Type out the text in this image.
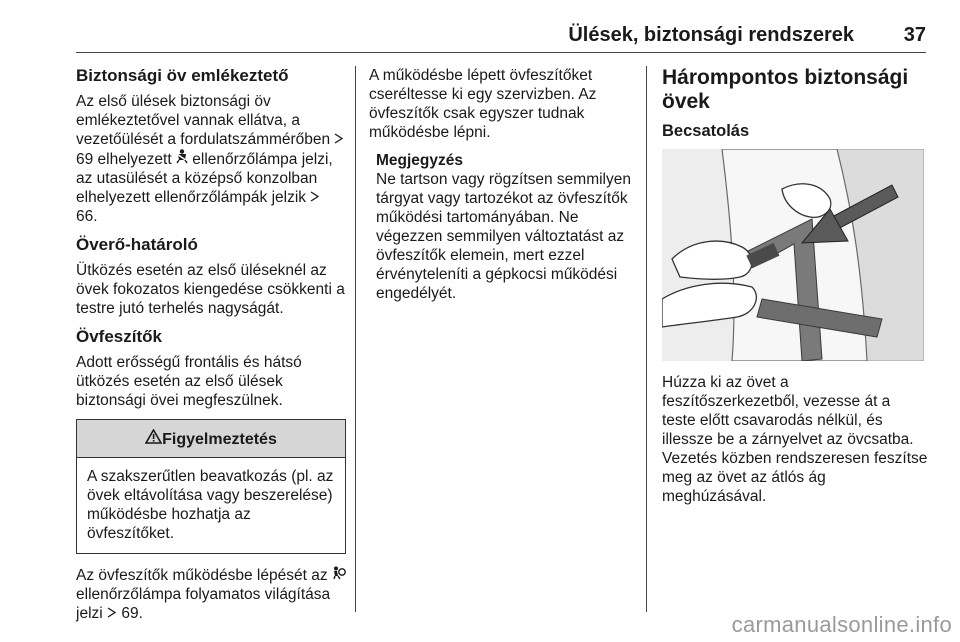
Ülések, biztonsági rendszerek 37
Biztonsági öv emlékeztető

Az első ülések biztonsági öv emlékeztetővel vannak ellátva, a vezetőülését a fordulatszámmérőben  69 elhelyezett  ellenőrzőlámpa jelzi, az utasülését a középső konzolban elhelyezett ellenőrzőlámpák jelzik  66.

Överő-határoló

Ütközés esetén az első üléseknél az övek fokozatos kiengedése csökkenti a testre jutó terhelés nagyságát.

Övfeszítők

Adott erősségű frontális és hátsó ütközés esetén az első ülések biztonsági övei megfeszülnek.

Figyelmeztetés
A szakszerűtlen beavatkozás (pl. az övek eltávolítása vagy beszerelése) működésbe hozhatja az övfeszítőket.

Az övfeszítők működésbe lépését az  ellenőrzőlámpa folyamatos világítása jelzi  69.

A működésbe lépett övfeszítőket cseréltesse ki egy szervizben. Az övfeszítők csak egyszer tudnak működésbe lépni.

Megjegyzés
Ne tartson vagy rögzítsen semmilyen tárgyat vagy tartozékot az övfeszítők működési tartományában. Ne végezzen semmilyen változtatást az övfeszítők elemein, mert ezzel érvényteleníti a gépkocsi működési engedélyét.
Hárompontos biztonsági övek
Becsatolás

Húzza ki az övet a feszítőszerkezetből, vezesse át a teste előtt csavarodás nélkül, és illessze be a zárnyelvet az övcsatba. Vezetés közben rendszeresen feszítse meg az övet az átlós ág meghúzásával.

carmanualsonline.info
